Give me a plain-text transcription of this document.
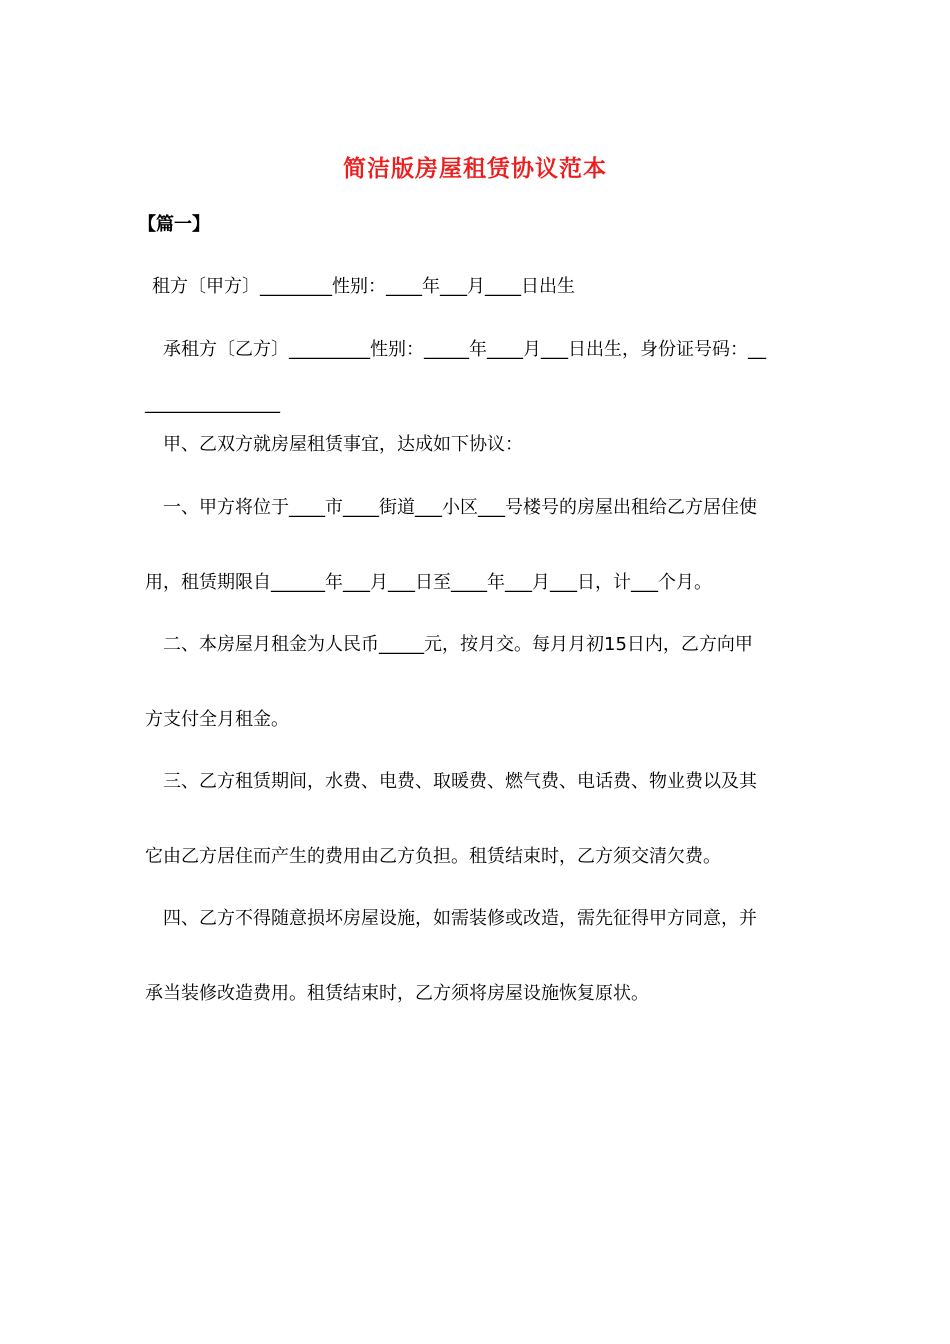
简洁版房屋租赁协议范本
【篇一】
租方〔甲方〕________性别：____年___月____日出生
承租方〔乙方〕_________性别：_____年____月___日出生，身份证号码：__
_______________
甲、乙双方就房屋租赁事宜，达成如下协议：
一、甲方将位于____市____街道___小区___号楼号的房屋出租给乙方居住使
用，租赁期限自______年___月___日至____年___月___日，计___个月。
二、本房屋月租金为人民币_____元，按月交。每月月初15日内，乙方向甲
方支付全月租金。
三、乙方租赁期间，水费、电费、取暖费、燃气费、电话费、物业费以及其
它由乙方居住而产生的费用由乙方负担。租赁结束时，乙方须交清欠费。
四、乙方不得随意损坏房屋设施，如需装修或改造，需先征得甲方同意，并
承当装修改造费用。租赁结束时，乙方须将房屋设施恢复原状。
